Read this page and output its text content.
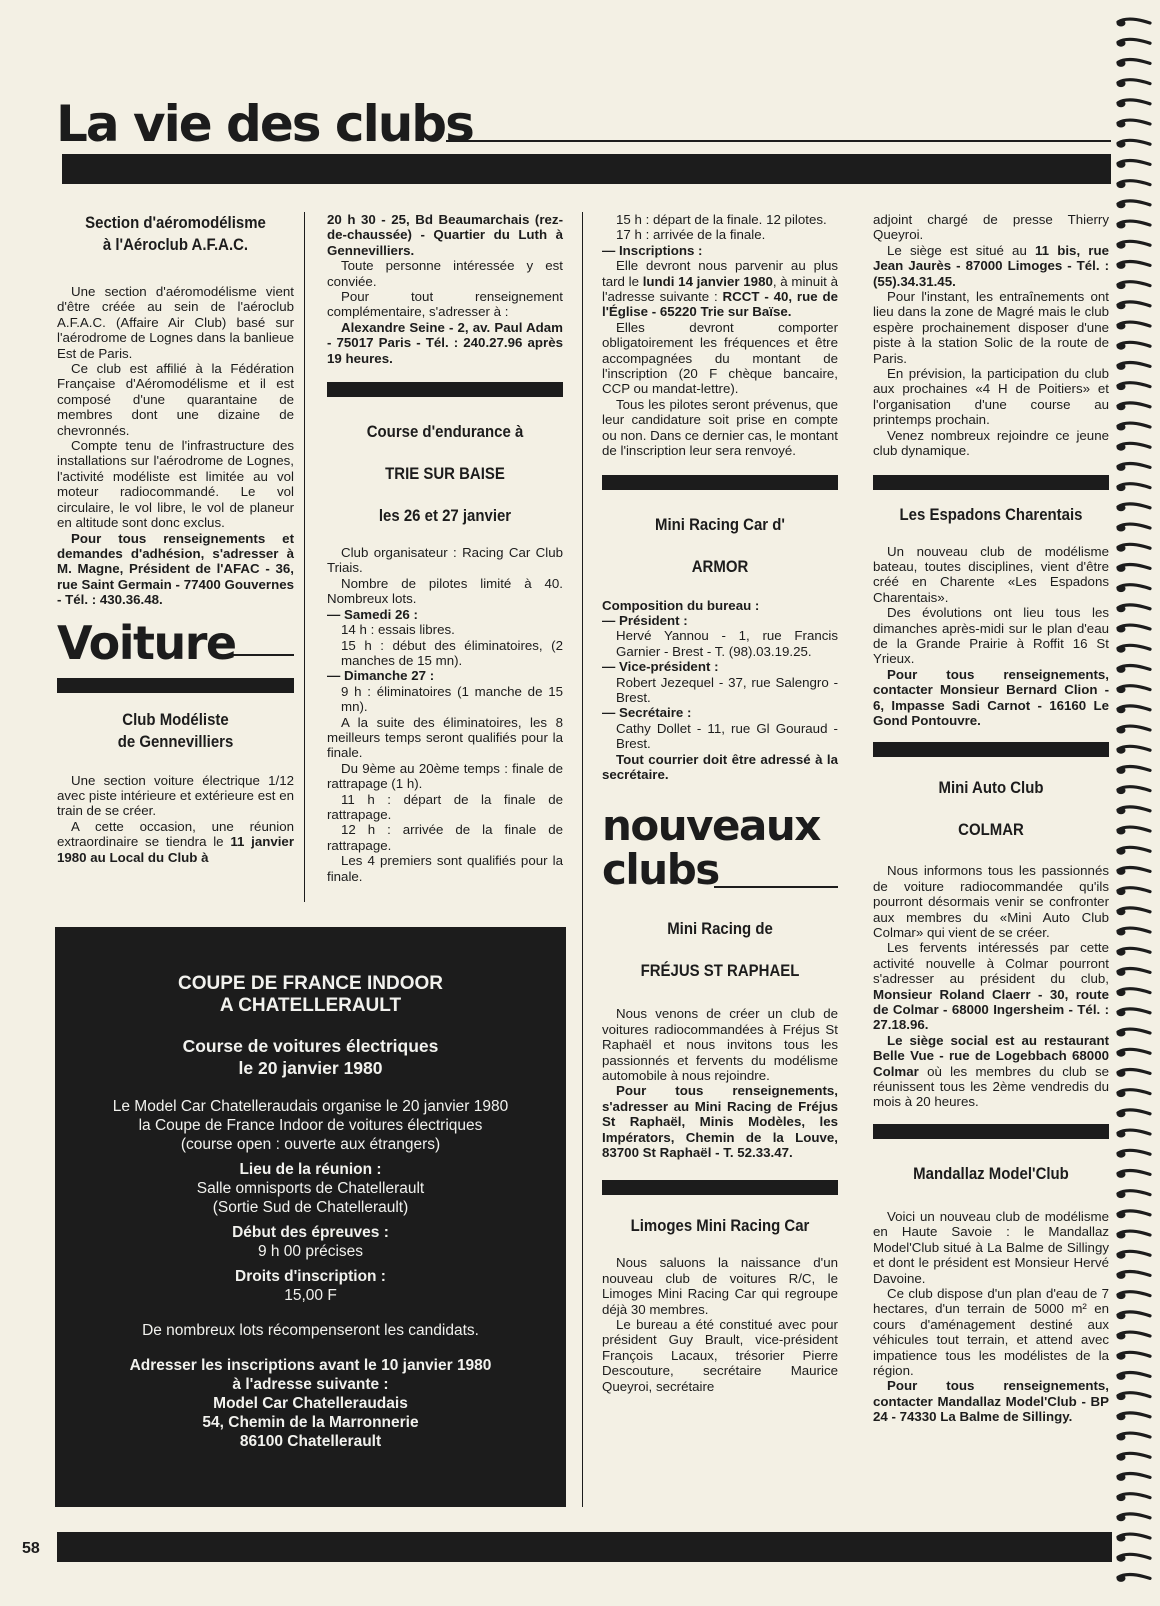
La vie des clubs
Section d'aéromodélisme
à l'Aéroclub A.F.A.C.

Une section d'aéromodélisme vient d'être créée au sein de l'aéroclub A.F.A.C. (Affaire Air Club) basé sur l'aérodrome de Lognes dans la banlieue Est de Paris.

Ce club est affilié à la Fédération Française d'Aéromodélisme et il est composé d'une quarantaine de membres dont une dizaine de chevronnés.

Compte tenu de l'infrastructure des installations sur l'aérodrome de Lognes, l'activité modéliste est limitée au vol moteur radiocommandé. Le vol circulaire, le vol libre, le vol de planeur en altitude sont donc exclus.

Pour tous renseignements et demandes d'adhésion, s'adresser à M. Magne, Président de l'AFAC - 36, rue Saint Germain - 77400 Gouvernes - Tél. : 430.36.48.

Voiture
Club Modéliste
de Gennevilliers

Une section voiture électrique 1/12 avec piste intérieure et extérieure est en train de se créer.

A cette occasion, une réunion extraordinaire se tiendra le 11 janvier 1980 au Local du Club à

20 h 30 - 25, Bd Beaumarchais (rez-de-chaussée) - Quartier du Luth à Gennevilliers.

Toute personne intéressée y est conviée.

Pour tout renseignement complémentaire, s'adresser à :

Alexandre Seine - 2, av. Paul Adam - 75017 Paris - Tél. : 240.27.96 après 19 heures.

Course d'endurance à
TRIE SUR BAISE
les 26 et 27 janvier

Club organisateur : Racing Car Club Triais.

Nombre de pilotes limité à 40. Nombreux lots.

— Samedi 26 :

14 h : essais libres.

15 h : début des éliminatoires, (2 manches de 15 mn).

— Dimanche 27 :

9 h : éliminatoires (1 manche de 15 mn).

A la suite des éliminatoires, les 8 meilleurs temps seront qualifiés pour la finale.

Du 9ème au 20ème temps : finale de rattrapage (1 h).

11 h : départ de la finale de rattrapage.

12 h : arrivée de la finale de rattrapage.

Les 4 premiers sont qualifiés pour la finale.

15 h : départ de la finale. 12 pilotes.

17 h : arrivée de la finale.

— Inscriptions :

Elle devront nous parvenir au plus tard le lundi 14 janvier 1980, à minuit à l'adresse suivante : RCCT - 40, rue de l'Église - 65220 Trie sur Baïse.

Elles devront comporter obligatoirement les fréquences et être accompagnées du montant de l'inscription (20 F chèque bancaire, CCP ou mandat-lettre).

Tous les pilotes seront prévenus, que leur candidature soit prise en compte ou non. Dans ce dernier cas, le montant de l'inscription leur sera renvoyé.

Mini Racing Car d'
ARMOR

Composition du bureau :

— Président :

Hervé Yannou - 1, rue Francis Garnier - Brest - T. (98).03.19.25.

— Vice-président :

Robert Jezequel - 37, rue Salengro - Brest.

— Secrétaire :

Cathy Dollet - 11, rue Gl Gouraud - Brest.

Tout courrier doit être adressé à la secrétaire.

nouveaux
clubs
Mini Racing de
FRÉJUS ST RAPHAEL

Nous venons de créer un club de voitures radiocommandées à Fréjus St Raphaël et nous invitons tous les passionnés et fervents du modélisme automobile à nous rejoindre.

Pour tous renseignements, s'adresser au Mini Racing de Fréjus St Raphaël, Minis Modèles, les Impérators, Chemin de la Louve, 83700 St Raphaël - T. 52.33.47.

Limoges Mini Racing Car

Nous saluons la naissance d'un nouveau club de voitures R/C, le Limoges Mini Racing Car qui regroupe déjà 30 membres.

Le bureau a été constitué avec pour président Guy Brault, vice-président François Lacaux, trésorier Pierre Descouture, secrétaire Maurice Queyroi, secrétaire

adjoint chargé de presse Thierry Queyroi.

Le siège est situé au 11 bis, rue Jean Jaurès - 87000 Limoges - Tél. : (55).34.31.45.

Pour l'instant, les entraînements ont lieu dans la zone de Magré mais le club espère prochainement disposer d'une piste à la station Solic de la route de Paris.

En prévision, la participation du club aux prochaines «4 H de Poitiers» et l'organisation d'une course au printemps prochain.

Venez nombreux rejoindre ce jeune club dynamique.

Les Espadons Charentais

Un nouveau club de modélisme bateau, toutes disciplines, vient d'être créé en Charente «Les Espadons Charentais».

Des évolutions ont lieu tous les dimanches après-midi sur le plan d'eau de la Grande Prairie à Roffit 16 St Yrieux.

Pour tous renseignements, contacter Monsieur Bernard Clion - 6, Impasse Sadi Carnot - 16160 Le Gond Pontouvre.

Mini Auto Club
COLMAR

Nous informons tous les passionnés de voiture radiocommandée qu'ils pourront désormais venir se confronter aux membres du «Mini Auto Club Colmar» qui vient de se créer.

Les fervents intéressés par cette activité nouvelle à Colmar pourront s'adresser au président du club, Monsieur Roland Claerr - 30, route de Colmar - 68000 Ingersheim - Tél. : 27.18.96.

Le siège social est au restaurant Belle Vue - rue de Logebbach 68000 Colmar où les membres du club se réunissent tous les 2ème vendredis du mois à 20 heures.

Mandallaz Model'Club

Voici un nouveau club de modélisme en Haute Savoie : le Mandallaz Model'Club situé à La Balme de Sillingy et dont le président est Monsieur Hervé Davoine.

Ce club dispose d'un plan d'eau de 7 hectares, d'un terrain de 5000 m² en cours d'aménagement destiné aux véhicules tout terrain, et attend avec impatience tous les modélistes de la région.

Pour tous renseignements, contacter Mandallaz Model'Club - BP 24 - 74330 La Balme de Sillingy.

COUPE DE FRANCE INDOOR
A CHATELLERAULT

Course de voitures électriques
le 20 janvier 1980

Le Model Car Chatelleraudais organise le 20 janvier 1980
la Coupe de France Indoor de voitures électriques
(course open : ouverte aux étrangers)

Lieu de la réunion :

Salle omnisports de Chatellerault
(Sortie Sud de Chatellerault)

Début des épreuves :

9 h 00 précises

Droits d'inscription :

15,00 F

De nombreux lots récompenseront les candidats.

Adresser les inscriptions avant le 10 janvier 1980
à l'adresse suivante :
Model Car Chatelleraudais
54, Chemin de la Marronnerie
86100 Chatellerault

58
